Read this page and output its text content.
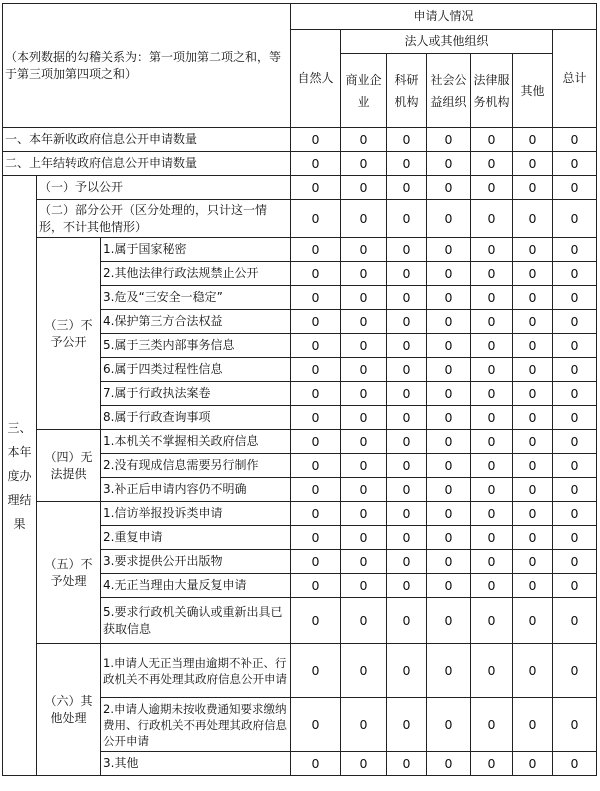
（本列数据的勾稽关系为：第一项加第二项之和，等于第三项加第四项之和）			申请人情况						
			自然人	法人或其他组织					总计
				商业企业	科研机构	社会公益组织	法律服务机构	其他	
一、本年新收政府信息公开申请数量			0	0	0	0	0	0	0
二、上年结转政府信息公开申请数量			0	0	0	0	0	0	0
三、本年度办理结果	（一）予以公开		0	0	0	0	0	0	0
	（二）部分公开（区分处理的，只计这一情形，不计其他情形）		0	0	0	0	0	0	0
	（三）不予公开	1.属于国家秘密	0	0	0	0	0	0	0
		2.其他法律行政法规禁止公开	0	0	0	0	0	0	0
		3.危及“三安全一稳定”	0	0	0	0	0	0	0
		4.保护第三方合法权益	0	0	0	0	0	0	0
		5.属于三类内部事务信息	0	0	0	0	0	0	0
		6.属于四类过程性信息	0	0	0	0	0	0	0
		7.属于行政执法案卷	0	0	0	0	0	0	0
		8.属于行政查询事项	0	0	0	0	0	0	0
	（四）无法提供	1.本机关不掌握相关政府信息	0	0	0	0	0	0	0
		2.没有现成信息需要另行制作	0	0	0	0	0	0	0
		3.补正后申请内容仍不明确	0	0	0	0	0	0	0
	（五）不予处理	1.信访举报投诉类申请	0	0	0	0	0	0	0
		2.重复申请	0	0	0	0	0	0	0
		3.要求提供公开出版物	0	0	0	0	0	0	0
		4.无正当理由大量反复申请	0	0	0	0	0	0	0
		5.要求行政机关确认或重新出具已获取信息	0	0	0	0	0	0	0
	（六）其他处理	1.申请人无正当理由逾期不补正、行政机关不再处理其政府信息公开申请	0	0	0	0	0	0	0
		2.申请人逾期未按收费通知要求缴纳费用、行政机关不再处理其政府信息公开申请	0	0	0	0	0	0	0
		3.其他	0	0	0	0	0	0	0
